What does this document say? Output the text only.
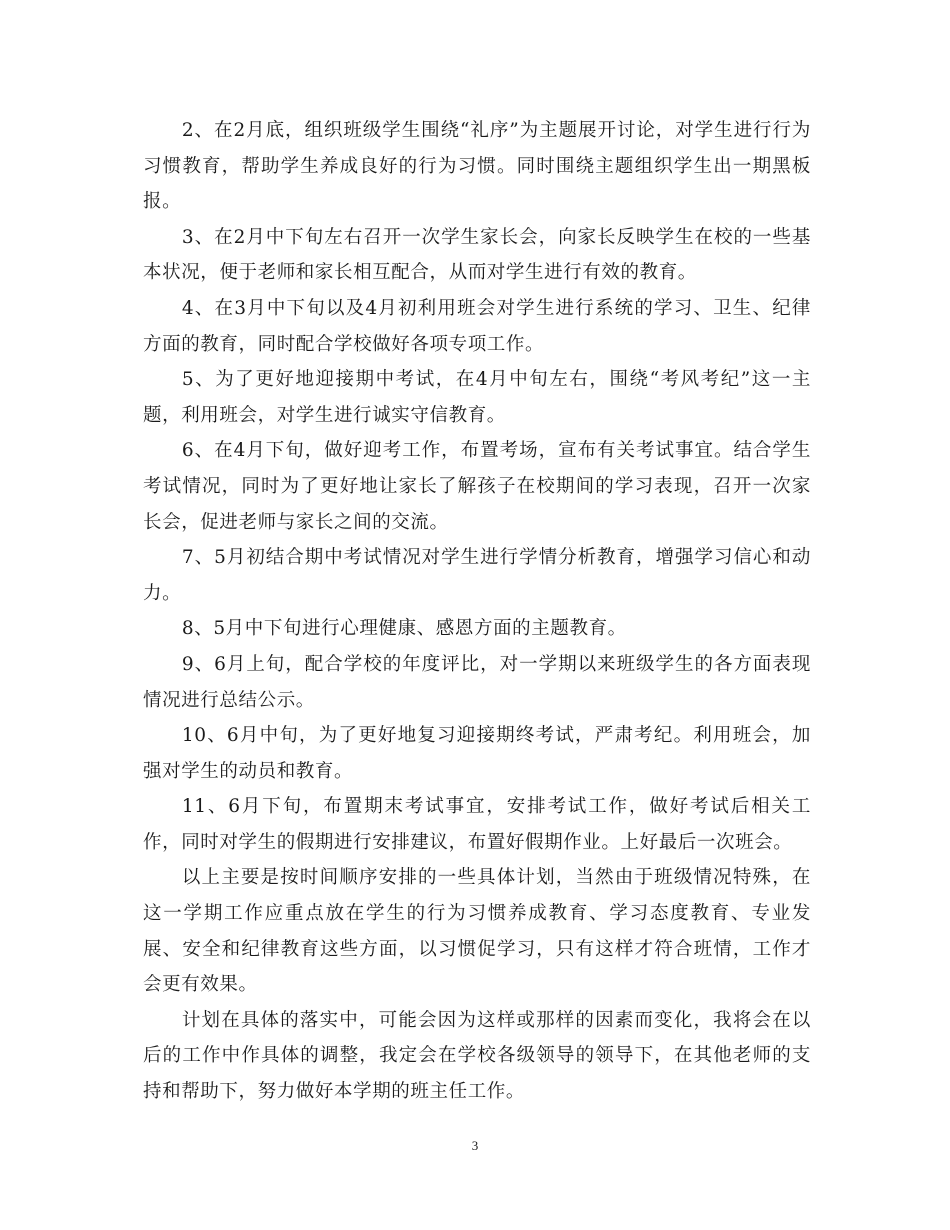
2、在2月底，组织班级学生围绕“礼序”为主题展开讨论，对学生进行行为习惯教育，帮助学生养成良好的行为习惯。同时围绕主题组织学生出一期黑板报。

3、在2月中下旬左右召开一次学生家长会，向家长反映学生在校的一些基本状况，便于老师和家长相互配合，从而对学生进行有效的教育。

4、在3月中下旬以及4月初利用班会对学生进行系统的学习、卫生、纪律方面的教育，同时配合学校做好各项专项工作。

5、为了更好地迎接期中考试，在4月中旬左右，围绕“考风考纪”这一主题，利用班会，对学生进行诚实守信教育。

6、在4月下旬，做好迎考工作，布置考场，宣布有关考试事宜。结合学生考试情况，同时为了更好地让家长了解孩子在校期间的学习表现，召开一次家长会，促进老师与家长之间的交流。

7、5月初结合期中考试情况对学生进行学情分析教育，增强学习信心和动力。

8、5月中下旬进行心理健康、感恩方面的主题教育。

9、6月上旬，配合学校的年度评比，对一学期以来班级学生的各方面表现情况进行总结公示。

10、6月中旬，为了更好地复习迎接期终考试，严肃考纪。利用班会，加强对学生的动员和教育。

11、6月下旬，布置期末考试事宜，安排考试工作，做好考试后相关工作，同时对学生的假期进行安排建议，布置好假期作业。上好最后一次班会。

以上主要是按时间顺序安排的一些具体计划，当然由于班级情况特殊，在这一学期工作应重点放在学生的行为习惯养成教育、学习态度教育、专业发展、安全和纪律教育这些方面，以习惯促学习，只有这样才符合班情，工作才会更有效果。

计划在具体的落实中，可能会因为这样或那样的因素而变化，我将会在以后的工作中作具体的调整，我定会在学校各级领导的领导下，在其他老师的支持和帮助下，努力做好本学期的班主任工作。

3
